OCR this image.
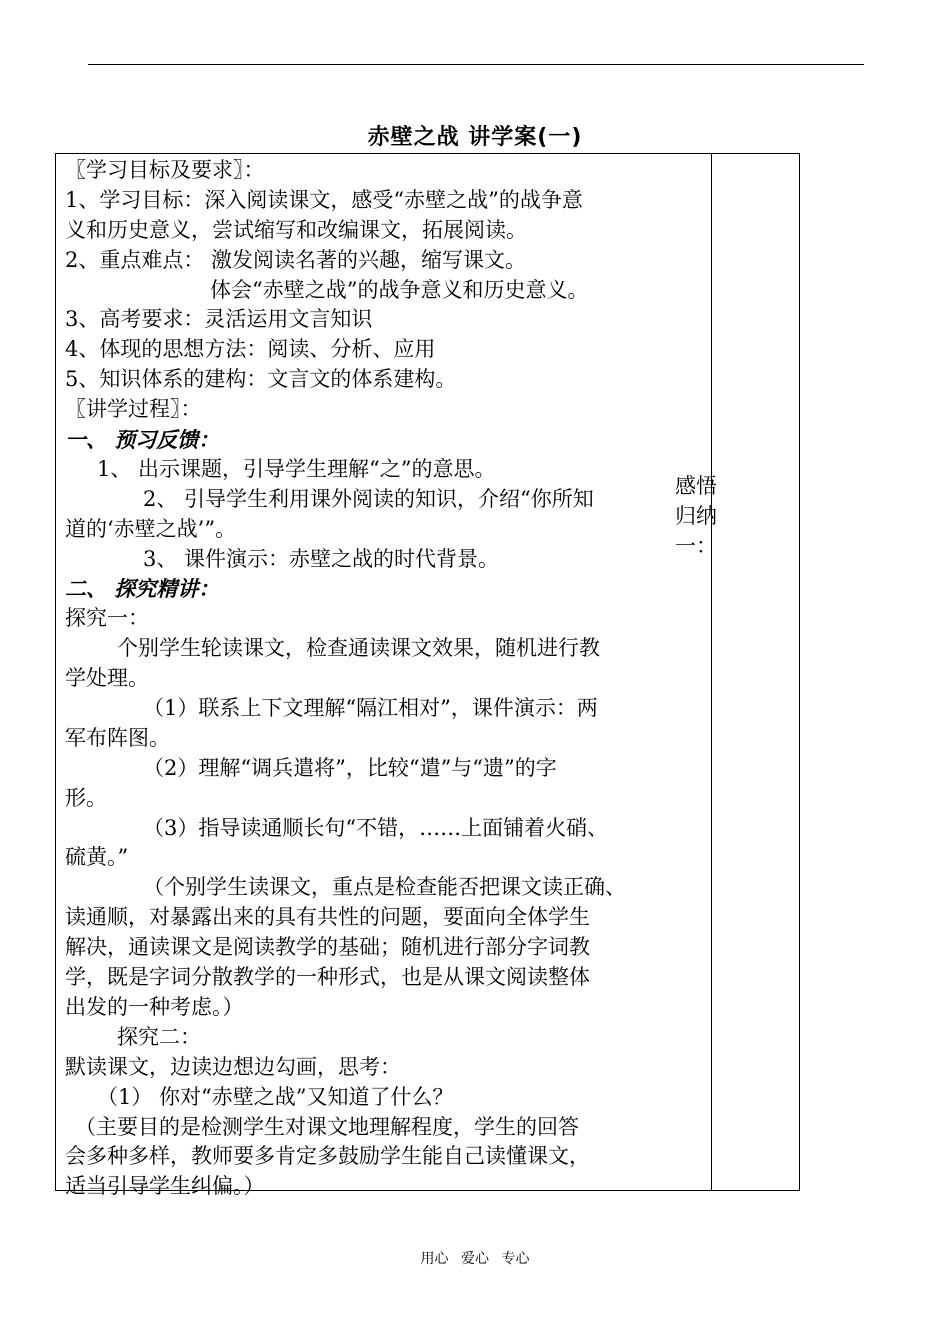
赤壁之战 讲学案(一)
〖学习目标及要求〗：
1、学习目标：深入阅读课文，感受“赤壁之战”的战争意
义和历史意义，尝试缩写和改编课文，拓展阅读。
2、重点难点： 激发阅读名著的兴趣，缩写课文。
体会“赤壁之战”的战争意义和历史意义。
3、高考要求：灵活运用文言知识
4、体现的思想方法：阅读、分析、应用
5、知识体系的建构：文言文的体系建构。
〖讲学过程〗：
一、 预习反馈：
1、 出示课题，引导学生理解“之”的意思。
2、 引导学生利用课外阅读的知识，介绍“你所知
道的‘赤壁之战’”。
3、 课件演示：赤壁之战的时代背景。
二、 探究精讲：
探究一：
个别学生轮读课文，检查通读课文效果，随机进行教
学处理。
（1）联系上下文理解“隔江相对”，课件演示：两
军布阵图。
（2）理解“调兵遣将”，比较“遣”与“遗”的字
形。
（3）指导读通顺长句“不错，……上面铺着火硝、
硫黄。”
（个别学生读课文，重点是检查能否把课文读正确、
读通顺，对暴露出来的具有共性的问题，要面向全体学生
解决，通读课文是阅读教学的基础；随机进行部分字词教
学，既是字词分散教学的一种形式，也是从课文阅读整体
出发的一种考虑。）
探究二：
默读课文，边读边想边勾画，思考：
（1） 你对“赤壁之战”又知道了什么？
（主要目的是检测学生对课文地理解程度，学生的回答
会多种多样，教师要多肯定多鼓励学生能自己读懂课文，
适当引导学生纠偏。）
感悟
归纳
一：
用心 爱心 专心
